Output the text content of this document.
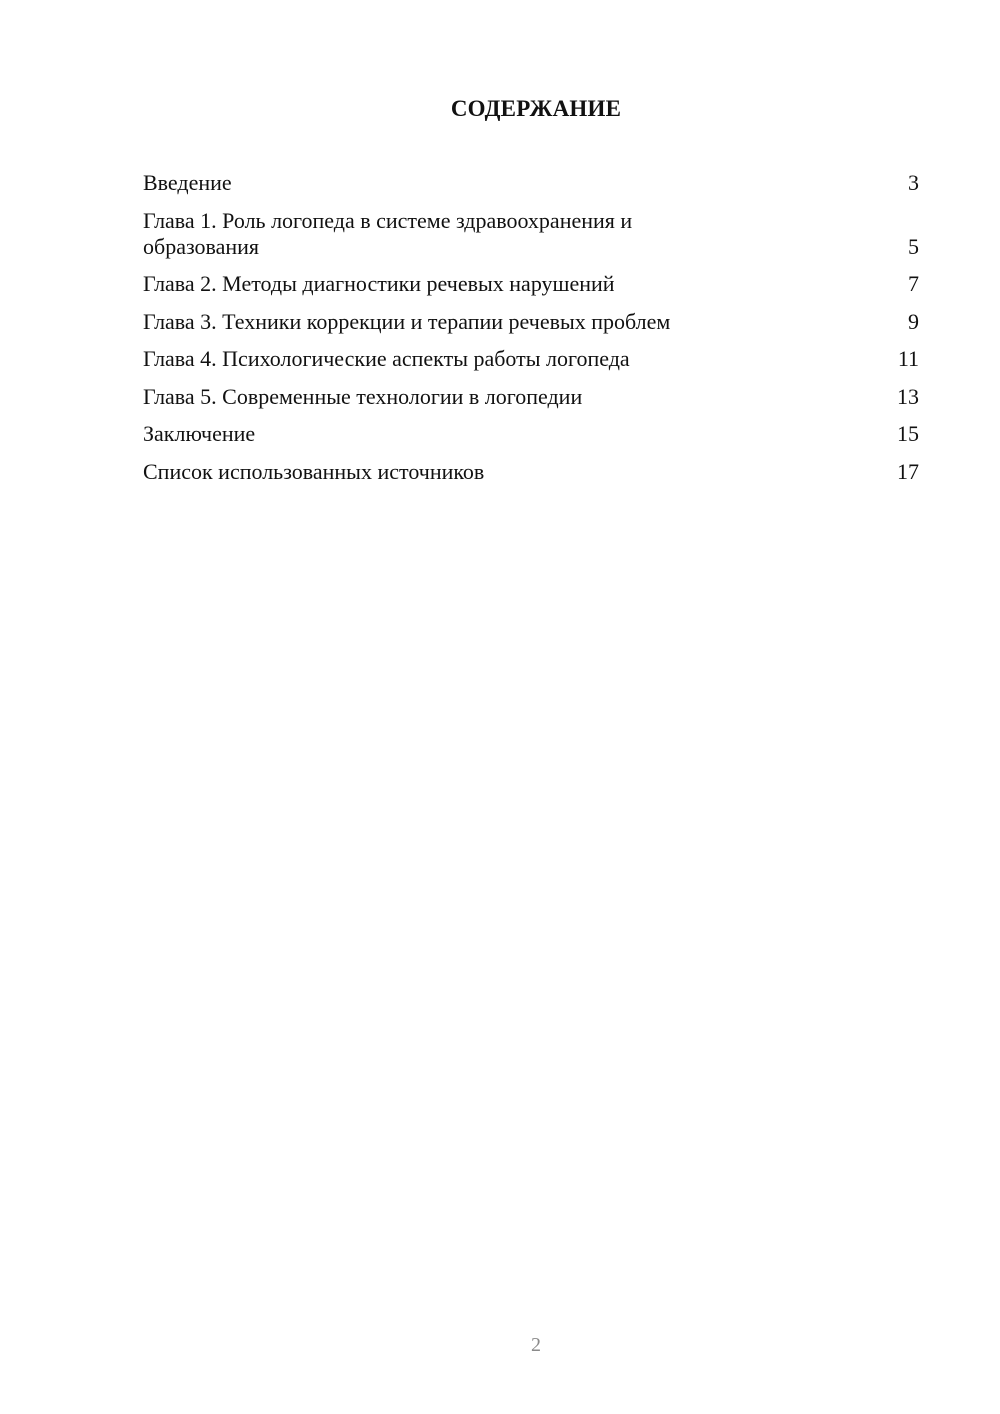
СОДЕРЖАНИЕ
Введение	3
Глава 1. Роль логопеда в системе здравоохранения и образования	5
Глава 2. Методы диагностики речевых нарушений	7
Глава 3. Техники коррекции и терапии речевых проблем	9
Глава 4. Психологические аспекты работы логопеда	11
Глава 5. Современные технологии в логопедии	13
Заключение	15
Список использованных источников	17
2
